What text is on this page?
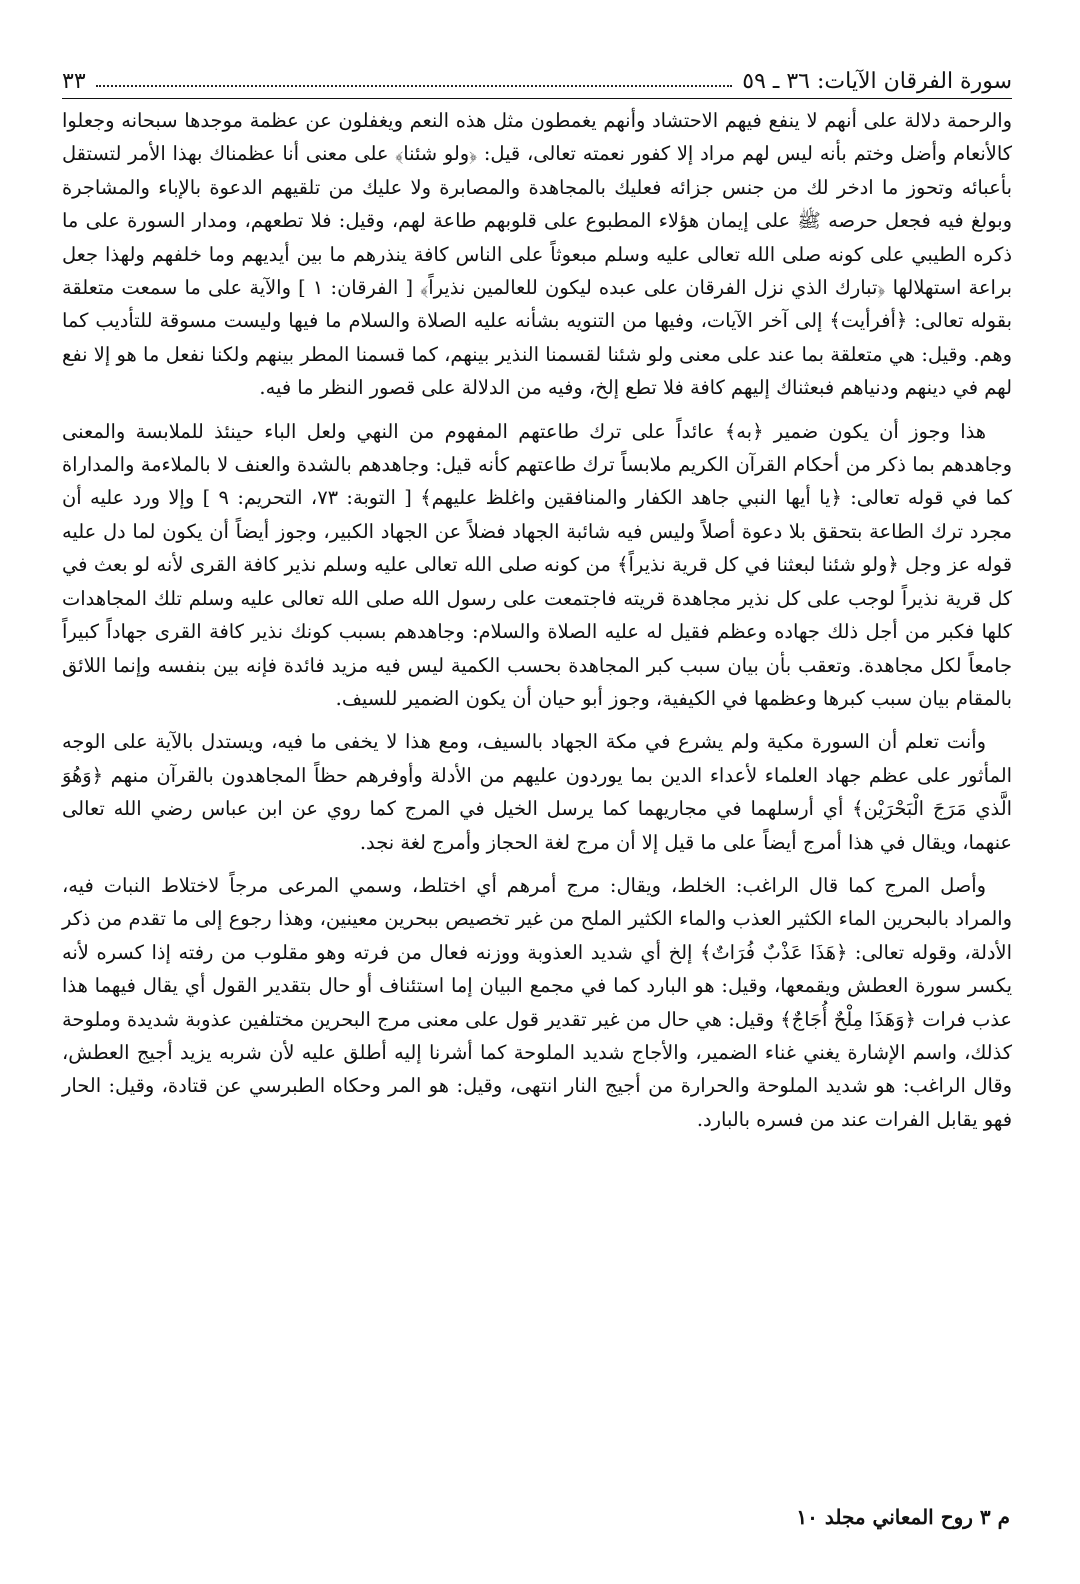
سورة الفرقان الآيات: ٣٦ ـ ٥٩
٣٣

والرحمة دلالة على أنهم لا ينفع فيهم الاحتشاد وأنهم يغمطون مثل هذه النعم ويغفلون عن عظمة موجدها سبحانه وجعلوا كالأنعام وأضل وختم بأنه ليس لهم مراد إلا كفور نعمته تعالى، قيل: ﴿ولو شئنا﴾ على معنى أنا عظمناك بهذا الأمر لتستقل بأعبائه وتحوز ما ادخر لك من جنس جزائه فعليك بالمجاهدة والمصابرة ولا عليك من تلقيهم الدعوة بالإباء والمشاجرة وبولغ فيه فجعل حرصه ﷺ على إيمان هؤلاء المطبوع على قلوبهم طاعة لهم، وقيل: فلا تطعهم، ومدار السورة على ما ذكره الطيبي على كونه صلى الله تعالى عليه وسلم مبعوثاً على الناس كافة ينذرهم ما بين أيديهم وما خلفهم ولهذا جعل براعة استهلالها ﴿تبارك الذي نزل الفرقان على عبده ليكون للعالمين نذيراً﴾ [ الفرقان: ١ ] والآية على ما سمعت متعلقة بقوله تعالى: ﴿أفرأيت﴾ إلى آخر الآيات، وفيها من التنويه بشأنه عليه الصلاة والسلام ما فيها وليست مسوقة للتأديب كما وهم. وقيل: هي متعلقة بما عند على معنى ولو شئنا لقسمنا النذير بينهم، كما قسمنا المطر بينهم ولكنا نفعل ما هو إلا نفع لهم في دينهم ودنياهم فبعثناك إليهم كافة فلا تطع إلخ، وفيه من الدلالة على قصور النظر ما فيه.

هذا وجوز أن يكون ضمير ﴿به﴾ عائداً على ترك طاعتهم المفهوم من النهي ولعل الباء حينئذ للملابسة والمعنى وجاهدهم بما ذكر من أحكام القرآن الكريم ملابساً ترك طاعتهم كأنه قيل: وجاهدهم بالشدة والعنف لا بالملاءمة والمداراة كما في قوله تعالى: ﴿يا أيها النبي جاهد الكفار والمنافقين واغلظ عليهم﴾ [ التوبة: ٧٣، التحريم: ٩ ] وإلا ورد عليه أن مجرد ترك الطاعة بتحقق بلا دعوة أصلاً وليس فيه شائبة الجهاد فضلاً عن الجهاد الكبير، وجوز أيضاً أن يكون لما دل عليه قوله عز وجل ﴿ولو شئنا لبعثنا في كل قرية نذيراً﴾ من كونه صلى الله تعالى عليه وسلم نذير كافة القرى لأنه لو بعث في كل قرية نذيراً لوجب على كل نذير مجاهدة قريته فاجتمعت على رسول الله صلى الله تعالى عليه وسلم تلك المجاهدات كلها فكبر من أجل ذلك جهاده وعظم فقيل له عليه الصلاة والسلام: وجاهدهم بسبب كونك نذير كافة القرى جهاداً كبيراً جامعاً لكل مجاهدة. وتعقب بأن بيان سبب كبر المجاهدة بحسب الكمية ليس فيه مزيد فائدة فإنه بين بنفسه وإنما اللائق بالمقام بيان سبب كبرها وعظمها في الكيفية، وجوز أبو حيان أن يكون الضمير للسيف.

وأنت تعلم أن السورة مكية ولم يشرع في مكة الجهاد بالسيف، ومع هذا لا يخفى ما فيه، ويستدل بالآية على الوجه المأثور على عظم جهاد العلماء لأعداء الدين بما يوردون عليهم من الأدلة وأوفرهم حظاً المجاهدون بالقرآن منهم ﴿وَهُوَ الَّذي مَرَجَ الْبَحْرَيْن﴾ أي أرسلهما في مجاريهما كما يرسل الخيل في المرج كما روي عن ابن عباس رضي الله تعالى عنهما، ويقال في هذا أمرج أيضاً على ما قيل إلا أن مرج لغة الحجاز وأمرج لغة نجد.

وأصل المرج كما قال الراغب: الخلط، ويقال: مرج أمرهم أي اختلط، وسمي المرعى مرجاً لاختلاط النبات فيه، والمراد بالبحرين الماء الكثير العذب والماء الكثير الملح من غير تخصيص ببحرين معينين، وهذا رجوع إلى ما تقدم من ذكر الأدلة، وقوله تعالى: ﴿هَذَا عَذْبٌ فُرَاتٌ﴾ إلخ أي شديد العذوبة ووزنه فعال من فرته وهو مقلوب من رفته إذا كسره لأنه يكسر سورة العطش ويقمعها، وقيل: هو البارد كما في مجمع البيان إما استئناف أو حال بتقدير القول أي يقال فيهما هذا عذب فرات ﴿وَهَذَا مِلْحٌ أُجَاجٌ﴾ وقيل: هي حال من غير تقدير قول على معنى مرج البحرين مختلفين عذوبة شديدة وملوحة كذلك، واسم الإشارة يغني غناء الضمير، والأجاج شديد الملوحة كما أشرنا إليه أطلق عليه لأن شربه يزيد أجيج العطش، وقال الراغب: هو شديد الملوحة والحرارة من أجيج النار انتهى، وقيل: هو المر وحكاه الطبرسي عن قتادة، وقيل: الحار فهو يقابل الفرات عند من فسره بالبارد.

م ٣ روح المعاني مجلد ١٠
